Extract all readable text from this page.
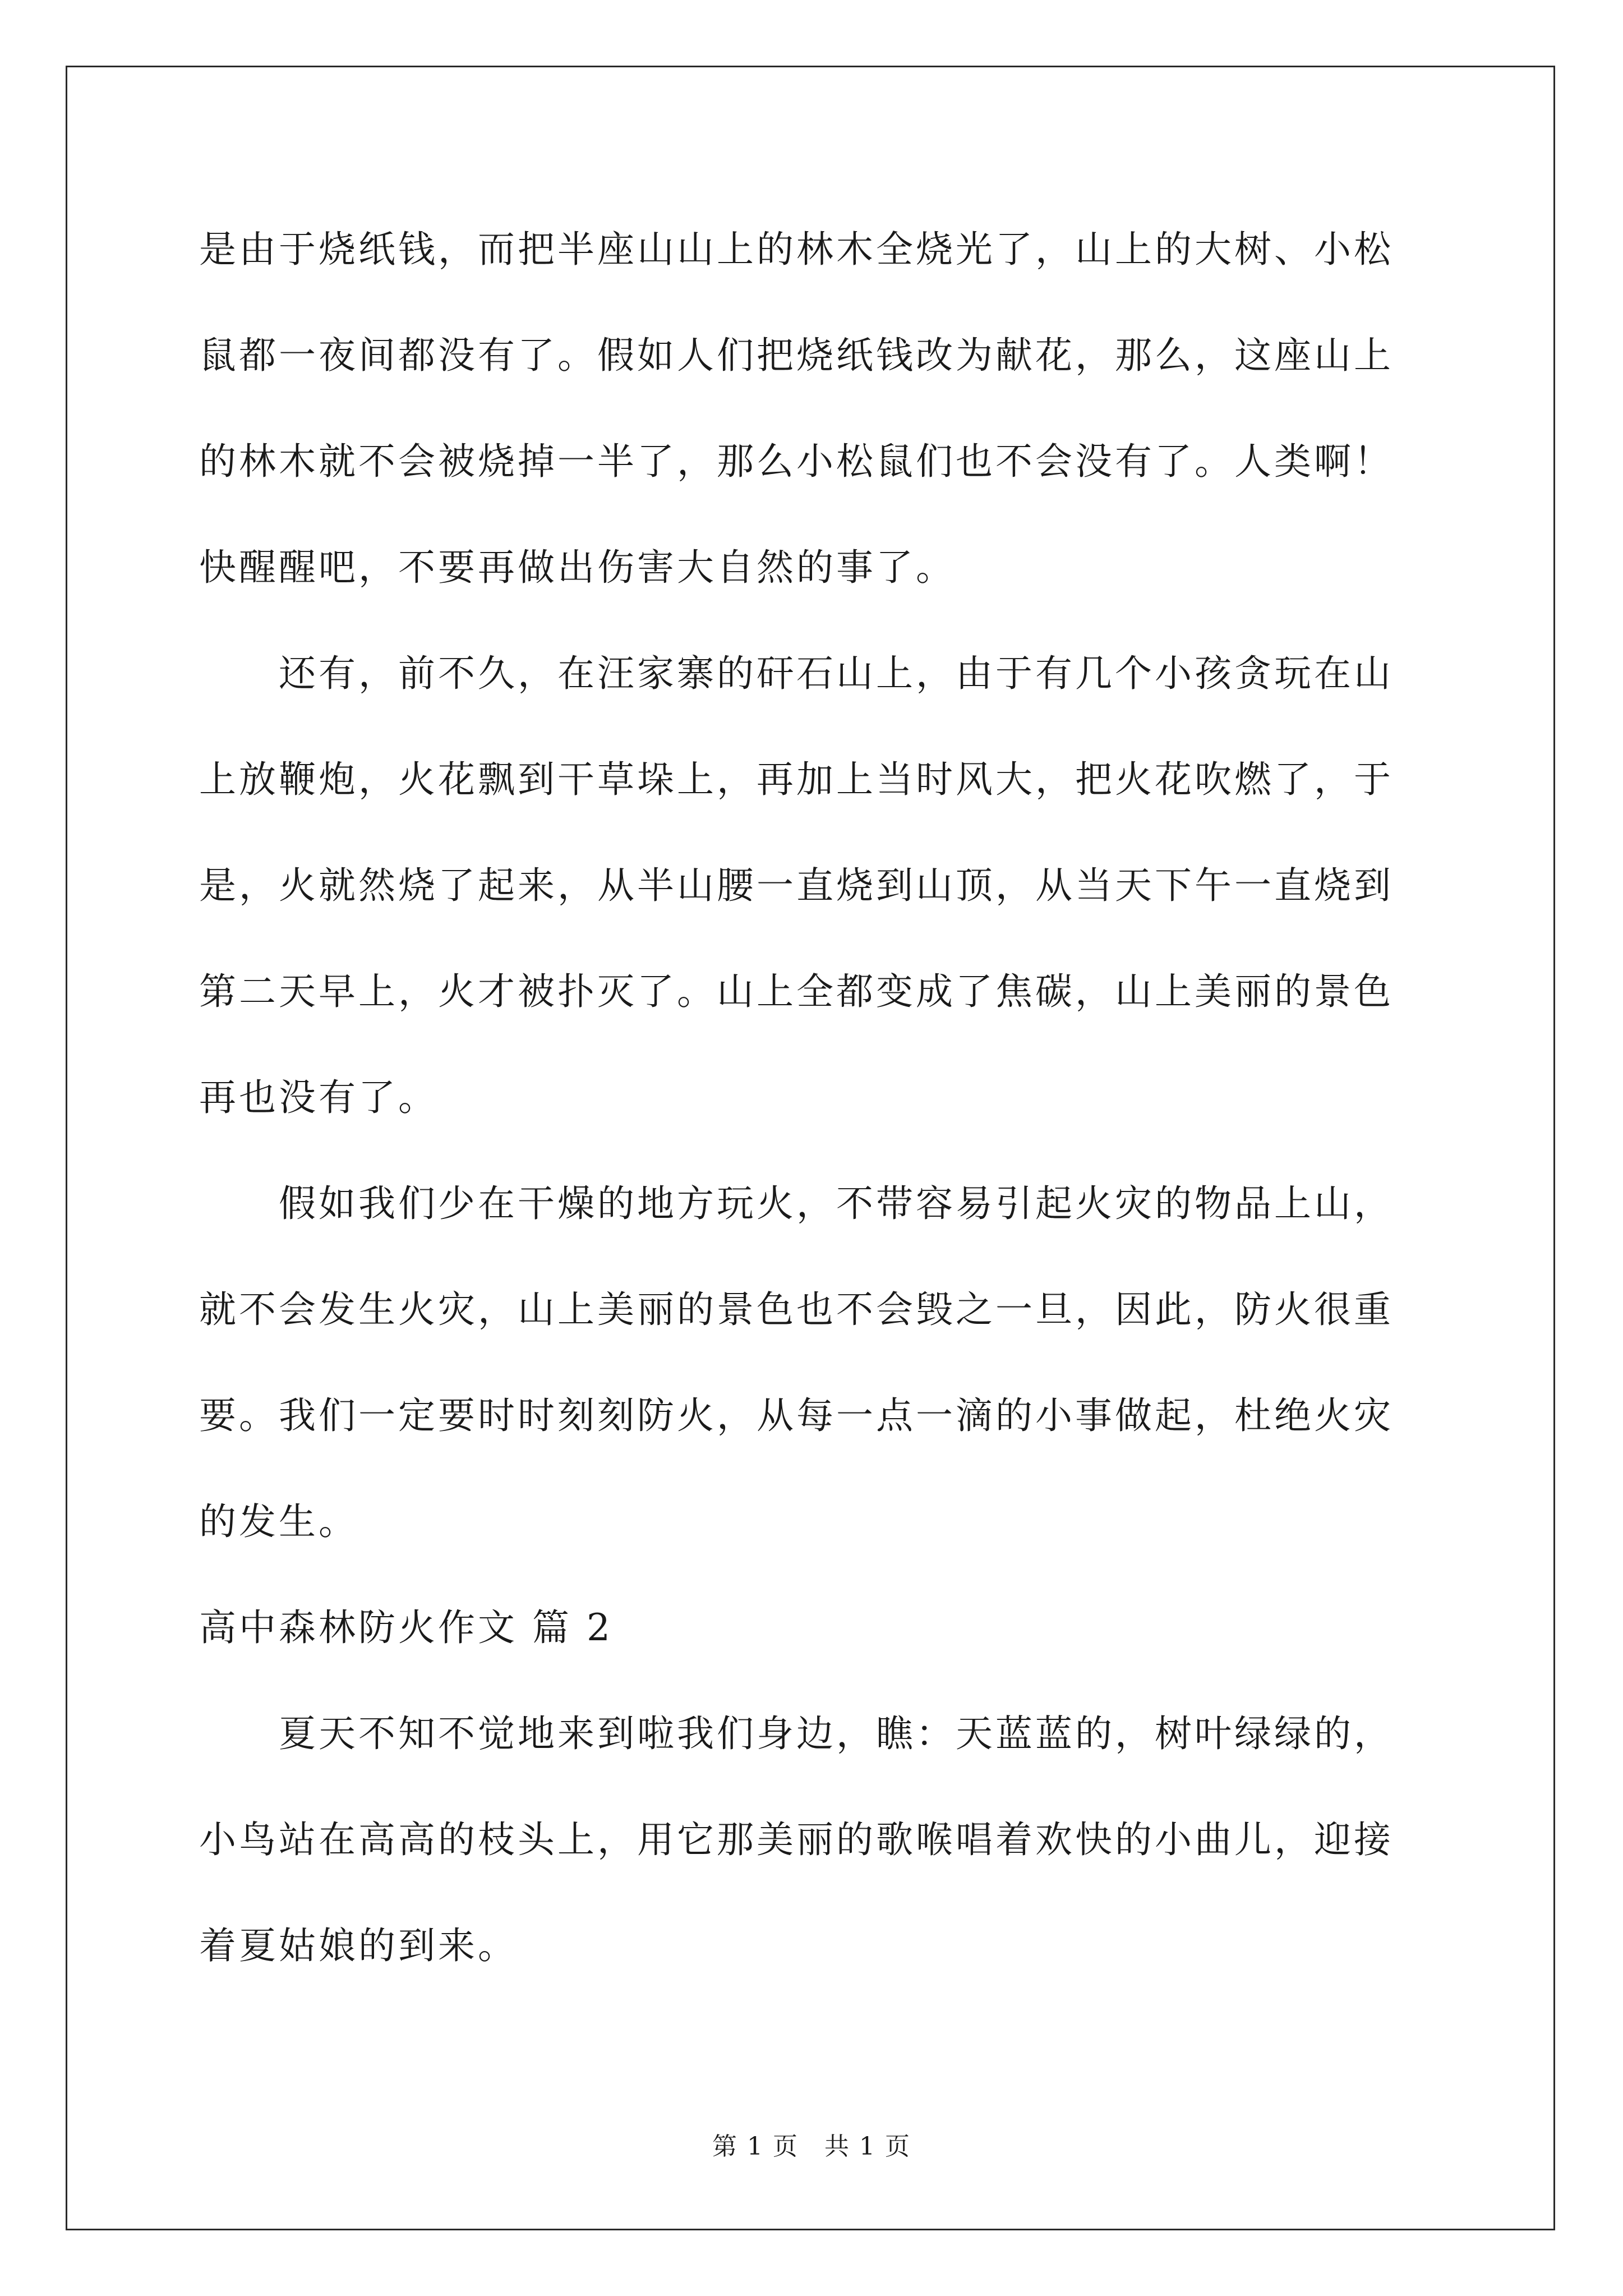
是由于烧纸钱，而把半座山山上的林木全烧光了，山上的大树、小松
鼠都一夜间都没有了。假如人们把烧纸钱改为献花，那么，这座山上
的林木就不会被烧掉一半了，那么小松鼠们也不会没有了。人类啊！
快醒醒吧，不要再做出伤害大自然的事了。
　　还有，前不久，在汪家寨的矸石山上，由于有几个小孩贪玩在山
上放鞭炮，火花飘到干草垛上，再加上当时风大，把火花吹燃了，于
是，火就然烧了起来，从半山腰一直烧到山顶，从当天下午一直烧到
第二天早上，火才被扑灭了。山上全都变成了焦碳，山上美丽的景色
再也没有了。
　　假如我们少在干燥的地方玩火，不带容易引起火灾的物品上山，
就不会发生火灾，山上美丽的景色也不会毁之一旦，因此，防火很重
要。我们一定要时时刻刻防火，从每一点一滴的小事做起，杜绝火灾
的发生。
高中森林防火作文 篇 2
　　夏天不知不觉地来到啦我们身边，瞧：天蓝蓝的，树叶绿绿的，
小鸟站在高高的枝头上，用它那美丽的歌喉唱着欢快的小曲儿，迎接
着夏姑娘的到来。
第 1 页　共 1 页
